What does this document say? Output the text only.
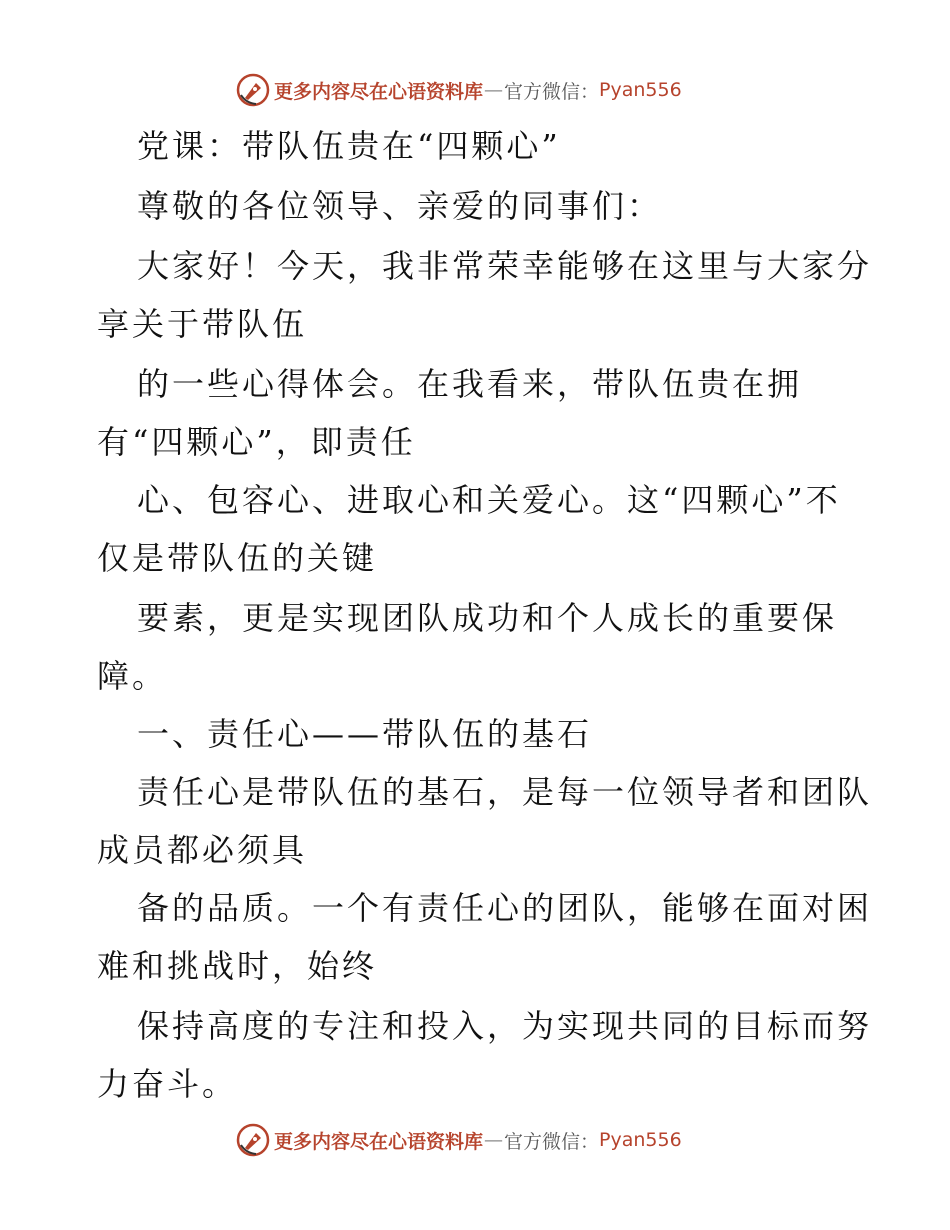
更多内容尽在心语资料库 — 官方微信： Pyan556
党课：带队伍贵在“四颗心”
尊敬的各位领导、亲爱的同事们：
大家好！今天，我非常荣幸能够在这里与大家分
享关于带队伍
的一些心得体会。在我看来，带队伍贵在拥
有“四颗心”，即责任
心、包容心、进取心和关爱心。这“四颗心”不
仅是带队伍的关键
要素，更是实现团队成功和个人成长的重要保
障。
一、责任心——带队伍的基石
责任心是带队伍的基石，是每一位领导者和团队
成员都必须具
备的品质。一个有责任心的团队，能够在面对困
难和挑战时，始终
保持高度的专注和投入，为实现共同的目标而努
力奋斗。
更多内容尽在心语资料库 — 官方微信： Pyan556
